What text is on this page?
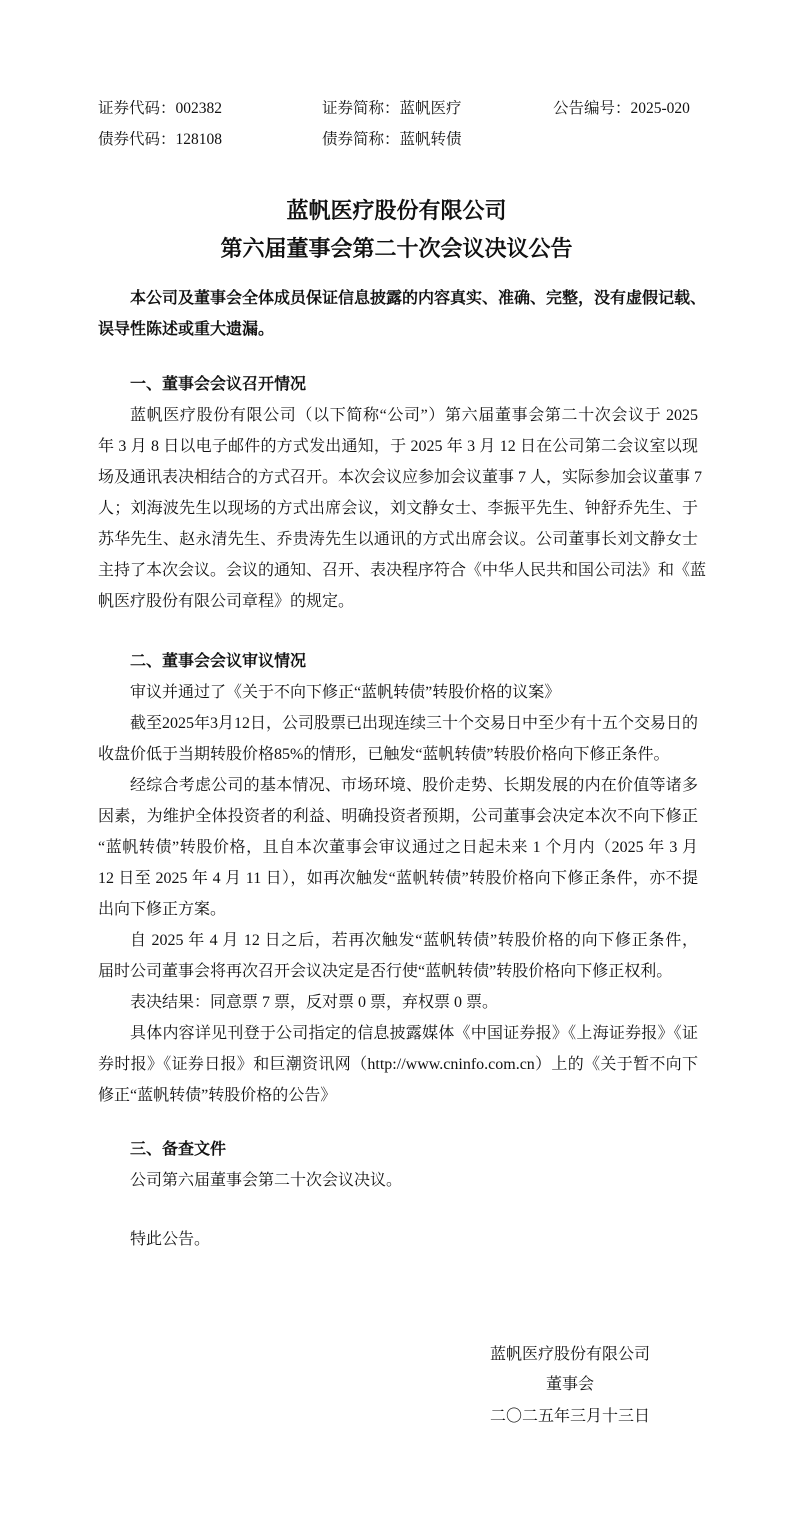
证券代码：002382	证券简称：蓝帆医疗	公告编号：2025-020
债券代码：128108	债券简称：蓝帆转债
蓝帆医疗股份有限公司
第六届董事会第二十次会议决议公告
本公司及董事会全体成员保证信息披露的内容真实、准确、完整，没有虚假记载、
误导性陈述或重大遗漏。
一、董事会会议召开情况
蓝帆医疗股份有限公司（以下简称“公司”）第六届董事会第二十次会议于 2025
年 3 月 8 日以电子邮件的方式发出通知，于 2025 年 3 月 12 日在公司第二会议室以现
场及通讯表决相结合的方式召开。本次会议应参加会议董事 7 人，实际参加会议董事 7
人；刘海波先生以现场的方式出席会议，刘文静女士、李振平先生、钟舒乔先生、于
苏华先生、赵永清先生、乔贵涛先生以通讯的方式出席会议。公司董事长刘文静女士
主持了本次会议。会议的通知、召开、表决程序符合《中华人民共和国公司法》和《蓝
帆医疗股份有限公司章程》的规定。
二、董事会会议审议情况
审议并通过了《关于不向下修正“蓝帆转债”转股价格的议案》
截至2025年3月12日，公司股票已出现连续三十个交易日中至少有十五个交易日的
收盘价低于当期转股价格85%的情形，已触发“蓝帆转债”转股价格向下修正条件。
经综合考虑公司的基本情况、市场环境、股价走势、长期发展的内在价值等诸多
因素，为维护全体投资者的利益、明确投资者预期，公司董事会决定本次不向下修正
“蓝帆转债”转股价格，且自本次董事会审议通过之日起未来 1 个月内（2025 年 3 月
12 日至 2025 年 4 月 11 日），如再次触发“蓝帆转债”转股价格向下修正条件，亦不提
出向下修正方案。
自 2025 年 4 月 12 日之后，若再次触发“蓝帆转债”转股价格的向下修正条件，
届时公司董事会将再次召开会议决定是否行使“蓝帆转债”转股价格向下修正权利。
表决结果：同意票 7 票，反对票 0 票，弃权票 0 票。
具体内容详见刊登于公司指定的信息披露媒体《中国证券报》《上海证券报》《证
券时报》《证券日报》和巨潮资讯网（http://www.cninfo.com.cn）上的《关于暂不向下
修正“蓝帆转债”转股价格的公告》
三、备查文件
公司第六届董事会第二十次会议决议。
特此公告。
蓝帆医疗股份有限公司
董事会
二〇二五年三月十三日
